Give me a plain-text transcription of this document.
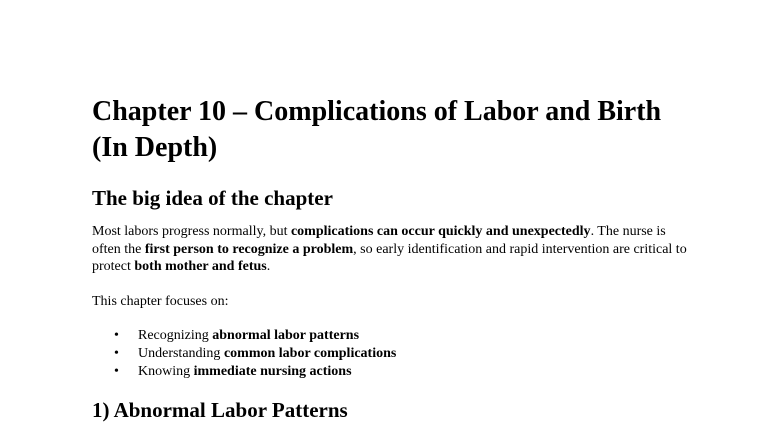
Chapter 10 – Complications of Labor and Birth (In Depth)
The big idea of the chapter

Most labors progress normally, but complications can occur quickly and unexpectedly. The nurse is often the first person to recognize a problem, so early identification and rapid intervention are critical to protect both mother and fetus.

This chapter focuses on:

• Recognizing abnormal labor patterns
• Understanding common labor complications
• Knowing immediate nursing actions
1) Abnormal Labor Patterns
